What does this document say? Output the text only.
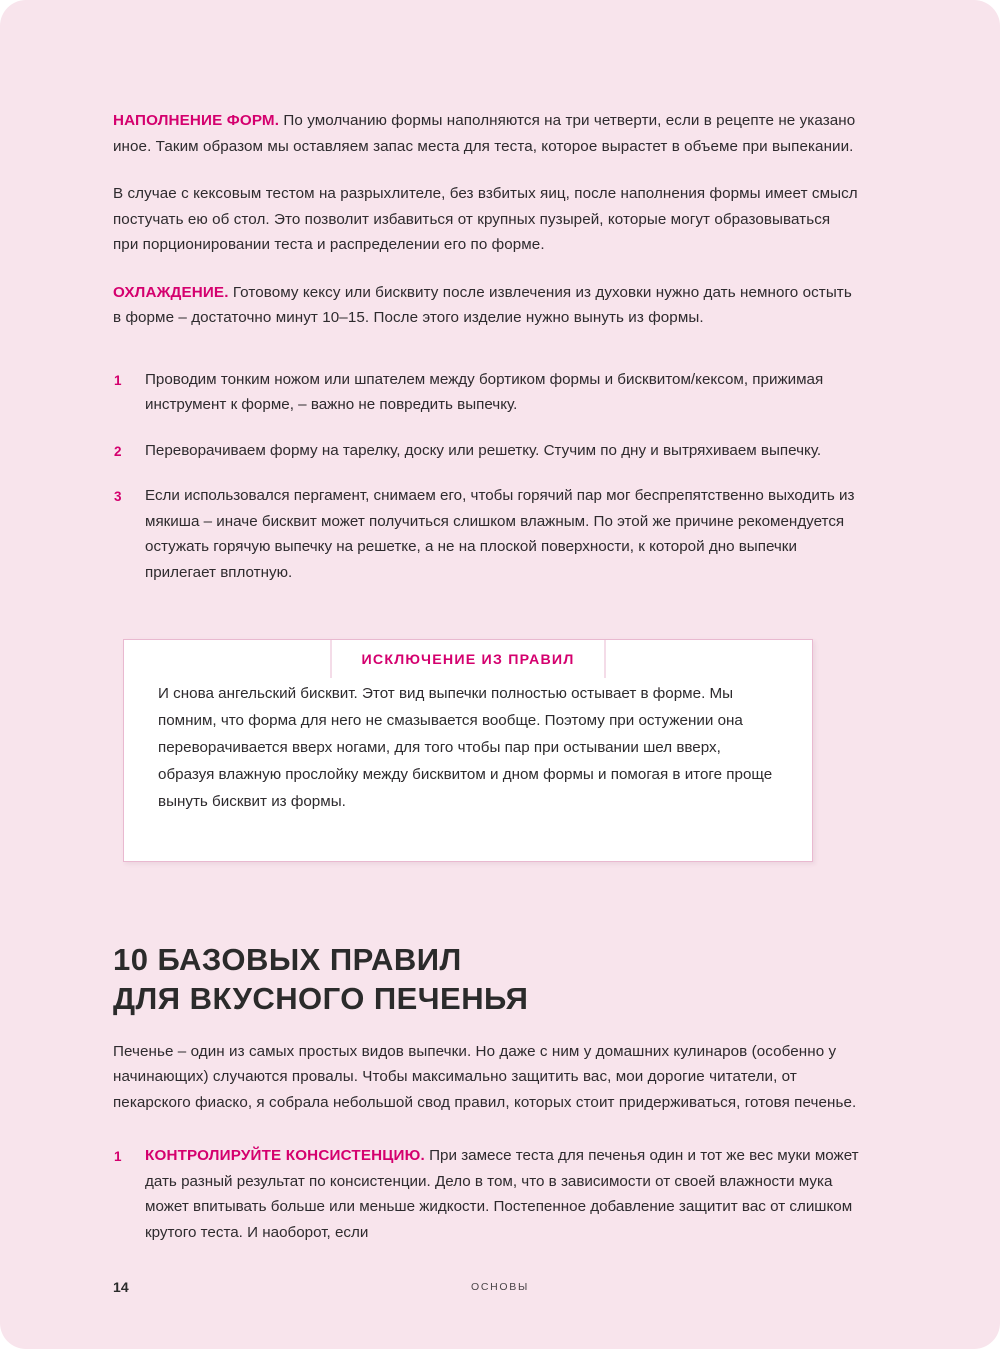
НАПОЛНЕНИЕ ФОРМ. По умолчанию формы наполняются на три четверти, если в рецепте не указано иное. Таким образом мы оставляем запас места для теста, которое вырастет в объеме при выпекании.

В случае с кексовым тестом на разрыхлителе, без взбитых яиц, после наполнения формы имеет смысл постучать ею об стол. Это позволит избавиться от крупных пузырей, которые могут образовываться при порционировании теста и распределении его по форме.

ОХЛАЖДЕНИЕ. Готовому кексу или бисквиту после извлечения из духовки нужно дать немного остыть в форме – достаточно минут 10–15. После этого изделие нужно вынуть из формы.

1	Проводим тонким ножом или шпателем между бортиком формы и бисквитом/кексом, прижимая инструмент к форме, – важно не повредить выпечку.
2	Переворачиваем форму на тарелку, доску или решетку. Стучим по дну и вытряхиваем выпечку.
3	Если использовался пергамент, снимаем его, чтобы горячий пар мог беспрепятственно выходить из мякиша – иначе бисквит может получиться слишком влажным. По этой же причине рекомендуется остужать горячую выпечку на решетке, а не на плоской поверхности, к которой дно выпечки прилегает вплотную.
ИСКЛЮЧЕНИЕ ИЗ ПРАВИЛ

И снова ангельский бисквит. Этот вид выпечки полностью остывает в форме. Мы помним, что форма для него не смазывается вообще. Поэтому при остужении она переворачивается вверх ногами, для того чтобы пар при остывании шел вверх, образуя влажную прослойку между бисквитом и дном формы и помогая в итоге проще вынуть бисквит из формы.

10 БАЗОВЫХ ПРАВИЛ
ДЛЯ ВКУСНОГО ПЕЧЕНЬЯ

Печенье – один из самых простых видов выпечки. Но даже с ним у домашних кулинаров (особенно у начинающих) случаются провалы. Чтобы максимально защитить вас, мои дорогие читатели, от пекарского фиаско, я собрала небольшой свод правил, которых стоит придерживаться, готовя печенье.

1 КОНТРОЛИРУЙТЕ КОНСИСТЕНЦИЮ. При замесе теста для печенья один и тот же вес муки может дать разный результат по консистенции. Дело в том, что в зависимости от своей влажности мука может впитывать больше или меньше жидкости. Постепенное добавление защитит вас от слишком крутого теста. И наоборот, если
14	ОСНОВЫ
